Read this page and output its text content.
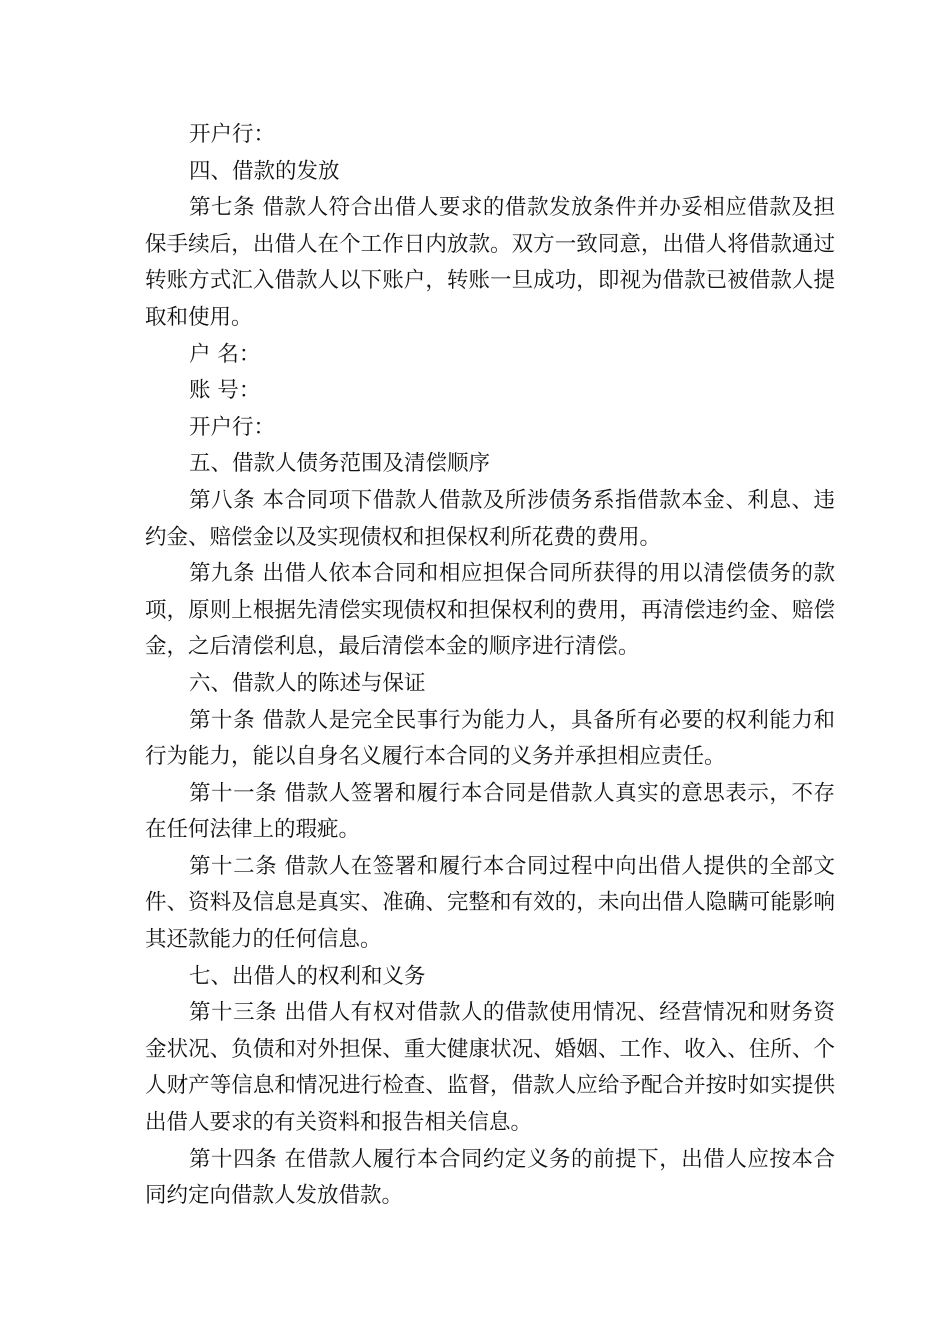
开户行：

四、借款的发放

第七条 借款人符合出借人要求的借款发放条件并办妥相应借款及担保手续后，出借人在个工作日内放款。双方一致同意，出借人将借款通过转账方式汇入借款人以下账户，转账一旦成功，即视为借款已被借款人提取和使用。

户 名：

账 号：

开户行：

五、借款人债务范围及清偿顺序

第八条 本合同项下借款人借款及所涉债务系指借款本金、利息、违约金、赔偿金以及实现债权和担保权利所花费的费用。

第九条 出借人依本合同和相应担保合同所获得的用以清偿债务的款项，原则上根据先清偿实现债权和担保权利的费用，再清偿违约金、赔偿金，之后清偿利息，最后清偿本金的顺序进行清偿。

六、借款人的陈述与保证

第十条 借款人是完全民事行为能力人，具备所有必要的权利能力和行为能力，能以自身名义履行本合同的义务并承担相应责任。

第十一条 借款人签署和履行本合同是借款人真实的意思表示，不存在任何法律上的瑕疵。

第十二条 借款人在签署和履行本合同过程中向出借人提供的全部文件、资料及信息是真实、准确、完整和有效的，未向出借人隐瞒可能影响其还款能力的任何信息。

七、出借人的权利和义务

第十三条 出借人有权对借款人的借款使用情况、经营情况和财务资金状况、负债和对外担保、重大健康状况、婚姻、工作、收入、住所、个人财产等信息和情况进行检查、监督，借款人应给予配合并按时如实提供出借人要求的有关资料和报告相关信息。

第十四条 在借款人履行本合同约定义务的前提下，出借人应按本合同约定向借款人发放借款。
